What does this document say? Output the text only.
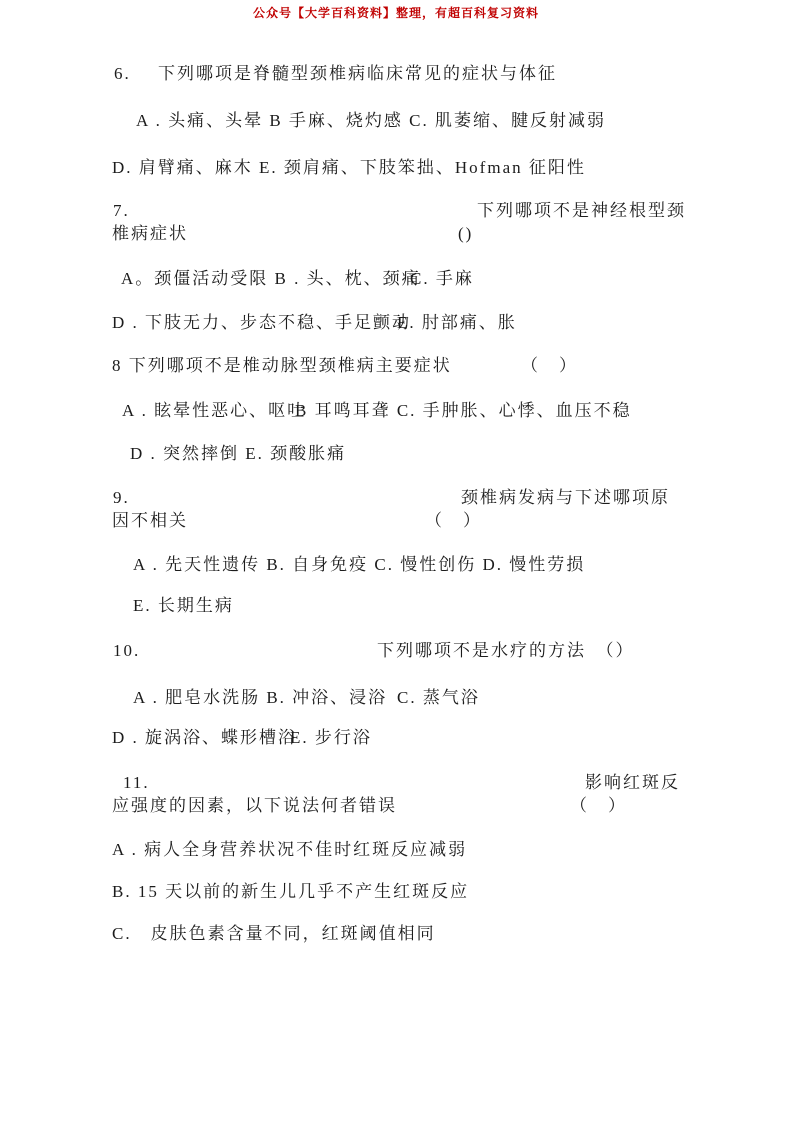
公众号【大学百科资料】整理，有超百科复习资料
6. 下列哪项是脊髓型颈椎病临床常见的症状与体征
A . 头痛、头晕 B 手麻、烧灼感 C. 肌萎缩、腱反射减弱
D. 肩臂痛、麻木 E. 颈肩痛、下肢笨拙、Hofman 征阳性
7.	下列哪项不是神经根型颈
椎病症状	()
A。颈僵活动受限 B . 头、枕、颈痛
C. 手麻
D . 下肢无力、步态不稳、手足颤动
E. 肘部痛、胀
8 下列哪项不是椎动脉型颈椎病主要症状	（　）
A . 眩晕性恶心、呕吐
B 耳鸣耳聋 C. 手肿胀、心悸、血压不稳
D . 突然摔倒 E. 颈酸胀痛
9.	颈椎病发病与下述哪项原
因不相关	（　）
A . 先天性遗传 B. 自身免疫 C. 慢性创伤 D. 慢性劳损
E. 长期生病
10.	下列哪项不是水疗的方法　（）
A . 肥皂水洗肠 B. 冲浴、浸浴 C. 蒸气浴
D . 旋涡浴、蝶形槽浴
E. 步行浴
11.	影响红斑反
应强度的因素，以下说法何者错误	（　）
A . 病人全身营养状况不佳时红斑反应减弱
B. 15 天以前的新生儿几乎不产生红斑反应
C.　皮肤色素含量不同，红斑阈值相同
